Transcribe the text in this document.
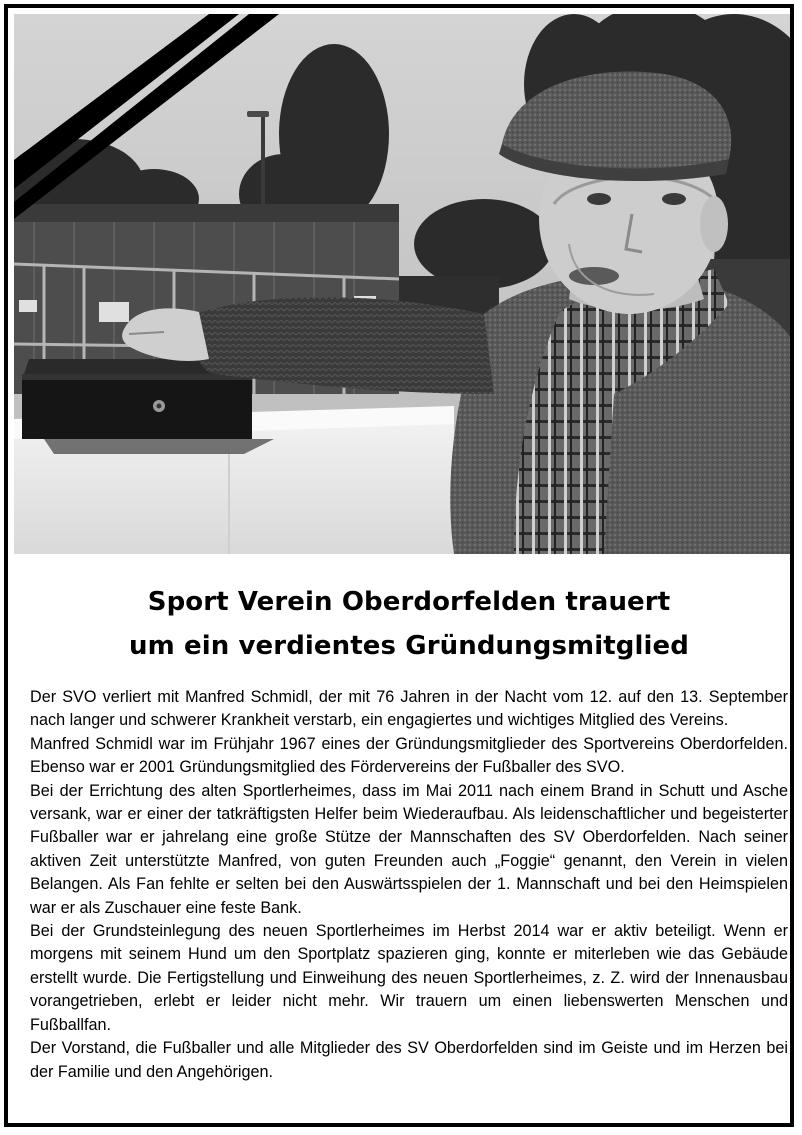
Sport Verein Oberdorfelden trauert
um ein verdientes Gründungsmitglied

Der SVO verliert mit Manfred Schmidl, der mit 76 Jahren in der Nacht vom 12. auf den 13. September nach langer und schwerer Krankheit verstarb, ein engagiertes und wichtiges Mitglied des Vereins.

Manfred Schmidl war im Frühjahr 1967 eines der Gründungsmitglieder des Sportvereins Oberdorfelden. Ebenso war er 2001 Gründungsmitglied des Fördervereins der Fußballer des SVO.

Bei der Errichtung des alten Sportlerheimes, dass im Mai 2011 nach einem Brand in Schutt und Asche versank, war er einer der tatkräftigsten Helfer beim Wiederaufbau. Als leidenschaftlicher und begeisterter Fußballer war er jahrelang eine große Stütze der Mannschaften des SV Oberdorfelden. Nach seiner aktiven Zeit unterstützte Manfred, von guten Freunden auch „Foggie“ genannt, den Verein in vielen Belangen. Als Fan fehlte er selten bei den Auswärtsspielen der 1. Mannschaft und bei den Heimspielen war er als Zuschauer eine feste Bank.

Bei der Grundsteinlegung des neuen Sportlerheimes im Herbst 2014 war er aktiv beteiligt. Wenn er morgens mit seinem Hund um den Sportplatz spazieren ging, konnte er miterleben wie das Gebäude erstellt wurde. Die Fertigstellung und Einweihung des neuen Sportlerheimes, z. Z. wird der Innenausbau vorangetrieben, erlebt er leider nicht mehr. Wir trauern um einen liebenswerten Menschen und Fußballfan.

Der Vorstand, die Fußballer und alle Mitglieder des SV Oberdorfelden sind im Geiste und im Herzen bei der Familie und den Angehörigen.
